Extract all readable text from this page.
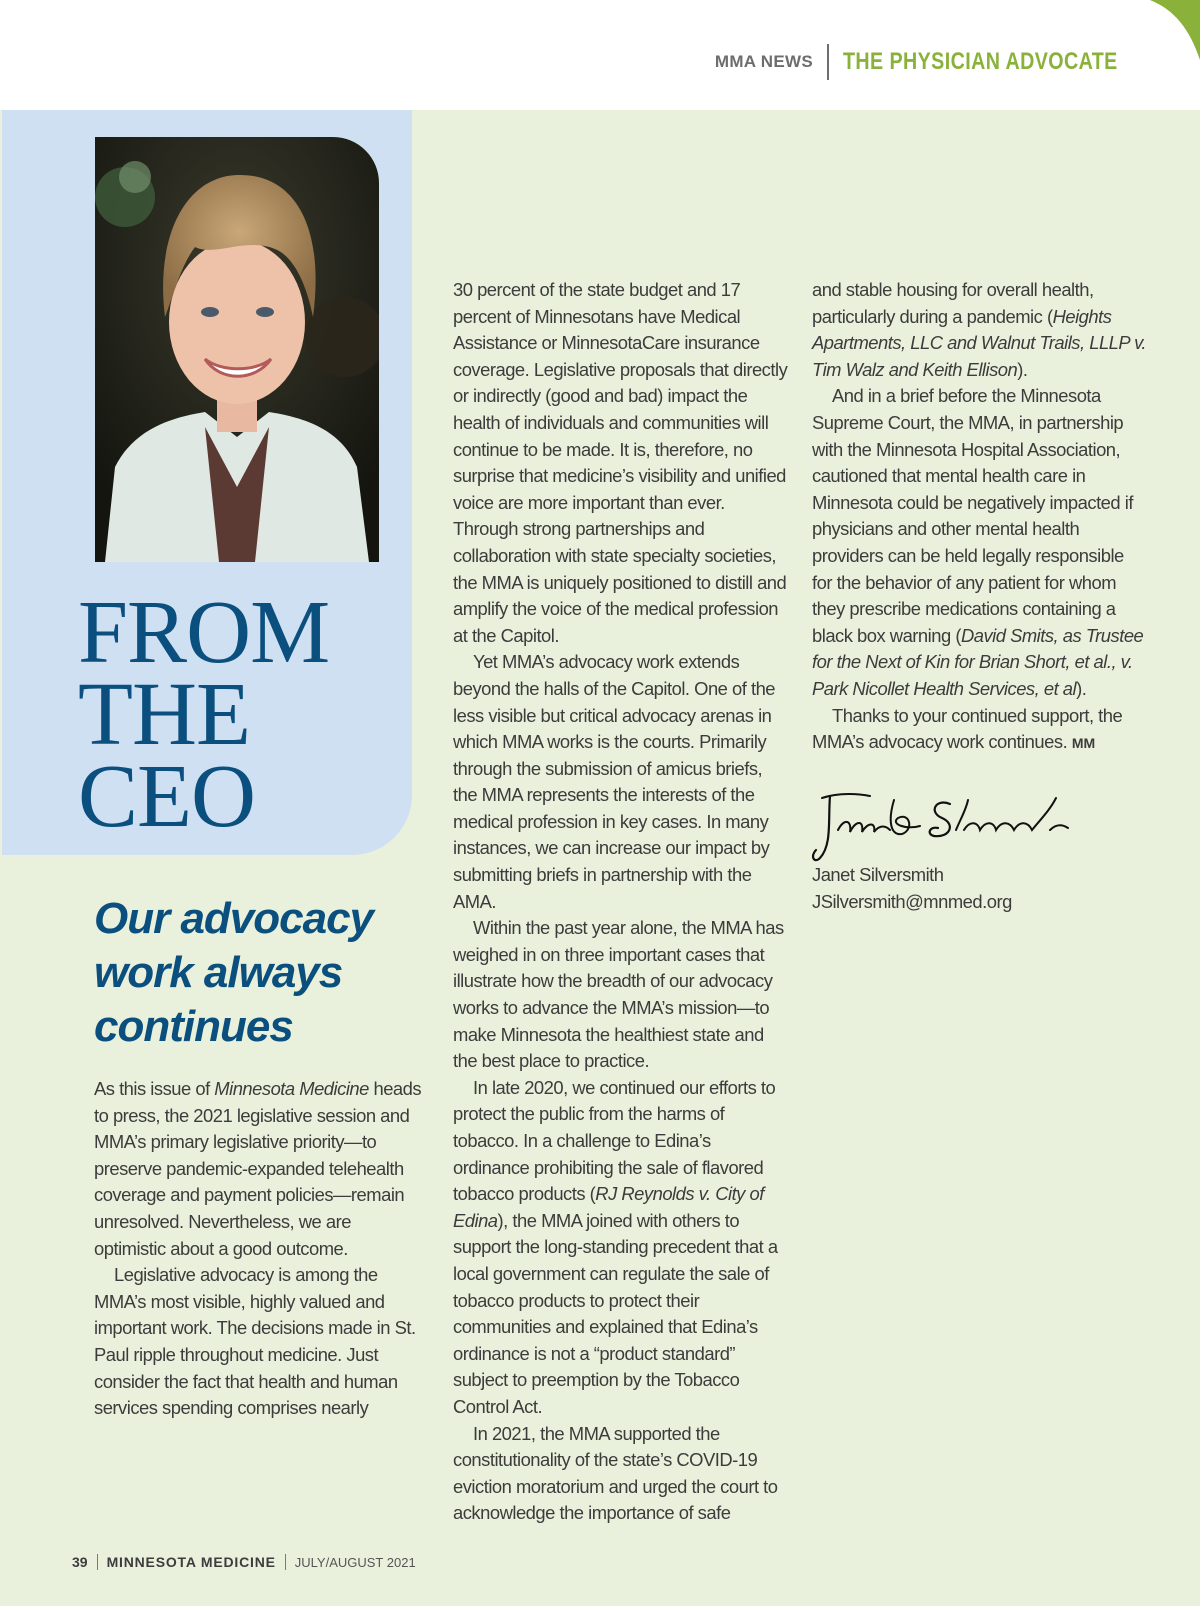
MMA NEWS THE PHYSICIAN ADVOCATE
FROM
THE
CEO
Our advocacy
work always
continues

As this issue of Minnesota Medicine heads to press, the 2021 legislative session and MMA’s primary legislative priority—to preserve pandemic-expanded telehealth coverage and payment policies—remain unresolved. Nevertheless, we are optimistic about a good outcome.

Legislative advocacy is among the MMA’s most visible, highly valued and important work. The decisions made in St. Paul ripple throughout medicine. Just consider the fact that health and human services spending comprises nearly

30 percent of the state budget and 17 percent of Minnesotans have Medical Assistance or MinnesotaCare insurance coverage. Legislative proposals that directly or indirectly (good and bad) impact the health of individuals and communities will continue to be made. It is, therefore, no surprise that medicine’s visibility and unified voice are more important than ever. Through strong partnerships and collaboration with state specialty societies, the MMA is uniquely positioned to distill and amplify the voice of the medical profession at the Capitol.

Yet MMA’s advocacy work extends beyond the halls of the Capitol. One of the less visible but critical advocacy arenas in which MMA works is the courts. Primarily through the submission of amicus briefs, the MMA represents the interests of the medical profession in key cases. In many instances, we can increase our impact by submitting briefs in partnership with the AMA.

Within the past year alone, the MMA has weighed in on three important cases that illustrate how the breadth of our advocacy works to advance the MMA’s mission—to make Minnesota the healthiest state and the best place to practice.

In late 2020, we continued our efforts to protect the public from the harms of tobacco. In a challenge to Edina’s ordinance prohibiting the sale of flavored tobacco products (RJ Reynolds v. City of Edina), the MMA joined with others to support the long-standing precedent that a local government can regulate the sale of tobacco products to protect their communities and explained that Edina’s ordinance is not a “product standard” subject to preemption by the Tobacco Control Act.

In 2021, the MMA supported the constitutionality of the state’s COVID-19 eviction moratorium and urged the court to acknowledge the importance of safe

and stable housing for overall health, particularly during a pandemic (Heights Apartments, LLC and Walnut Trails, LLLP v. Tim Walz and Keith Ellison).

And in a brief before the Minnesota Supreme Court, the MMA, in partnership with the Minnesota Hospital Association, cautioned that mental health care in Minnesota could be negatively impacted if physicians and other mental health providers can be held legally responsible for the behavior of any patient for whom they prescribe medications containing a black box warning (David Smits, as Trustee for the Next of Kin for Brian Short, et al., v. Park Nicollet Health Services, et al).

Thanks to your continued support, the MMA’s advocacy work continues. MM

Janet Silversmith
JSilversmith@mnmed.org
39 MINNESOTA MEDICINE JULY/AUGUST 2021
